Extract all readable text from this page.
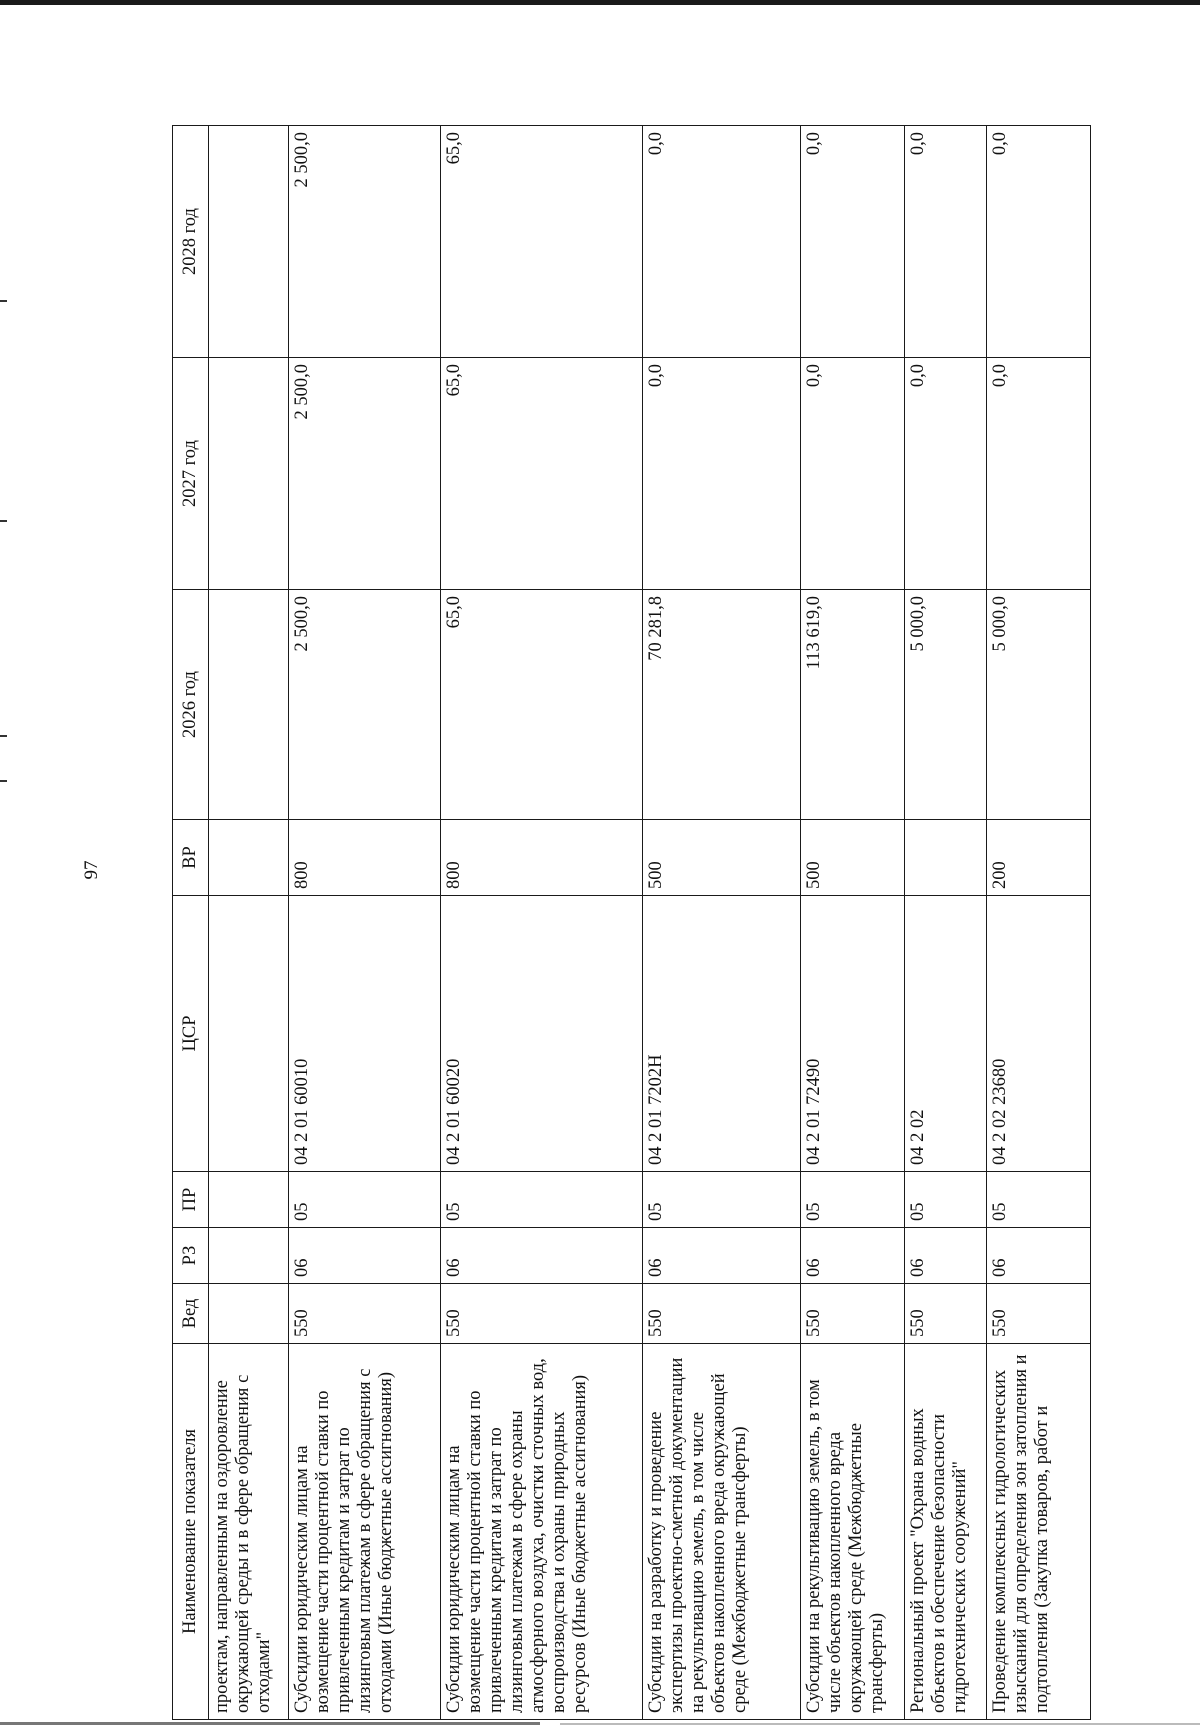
97
Наименование показателя	Вед	РЗ	ПР	ЦСР	ВР	2026 год	2027 год	2028 год
проектам, направленным на оздоровление окружающей среды и в сфере обращения с отходами"								
Субсидии юридическим лицам на возмещение части процентной ставки по привлеченным кредитам и затрат по лизинговым платежам в сфере обращения с отходами (Иные бюджетные ассигнования)	550	06	05	04 2 01 60010	800	2 500,0	2 500,0	2 500,0
Субсидии юридическим лицам на возмещение части процентной ставки по привлеченным кредитам и затрат по лизинговым платежам в сфере охраны атмосферного воздуха, очистки сточных вод, воспроизводства и охраны природных ресурсов (Иные бюджетные ассигнования)	550	06	05	04 2 01 60020	800	65,0	65,0	65,0
Субсидии на разработку и проведение экспертизы проектно-сметной документации на рекультивацию земель, в том числе объектов накопленного вреда окружающей среде (Межбюджетные трансферты)	550	06	05	04 2 01 7202Н	500	70 281,8	0,0	0,0
Субсидии на рекультивацию земель, в том числе объектов накопленного вреда окружающей среде (Межбюджетные трансферты)	550	06	05	04 2 01 72490	500	113 619,0	0,0	0,0
Региональный проект "Охрана водных объектов и обеспечение безопасности гидротехнических сооружений"	550	06	05	04 2 02		5 000,0	0,0	0,0
Проведение комплексных гидрологических изысканий для определения зон затопления и подтопления (Закупка товаров, работ и	550	06	05	04 2 02 23680	200	5 000,0	0,0	0,0
